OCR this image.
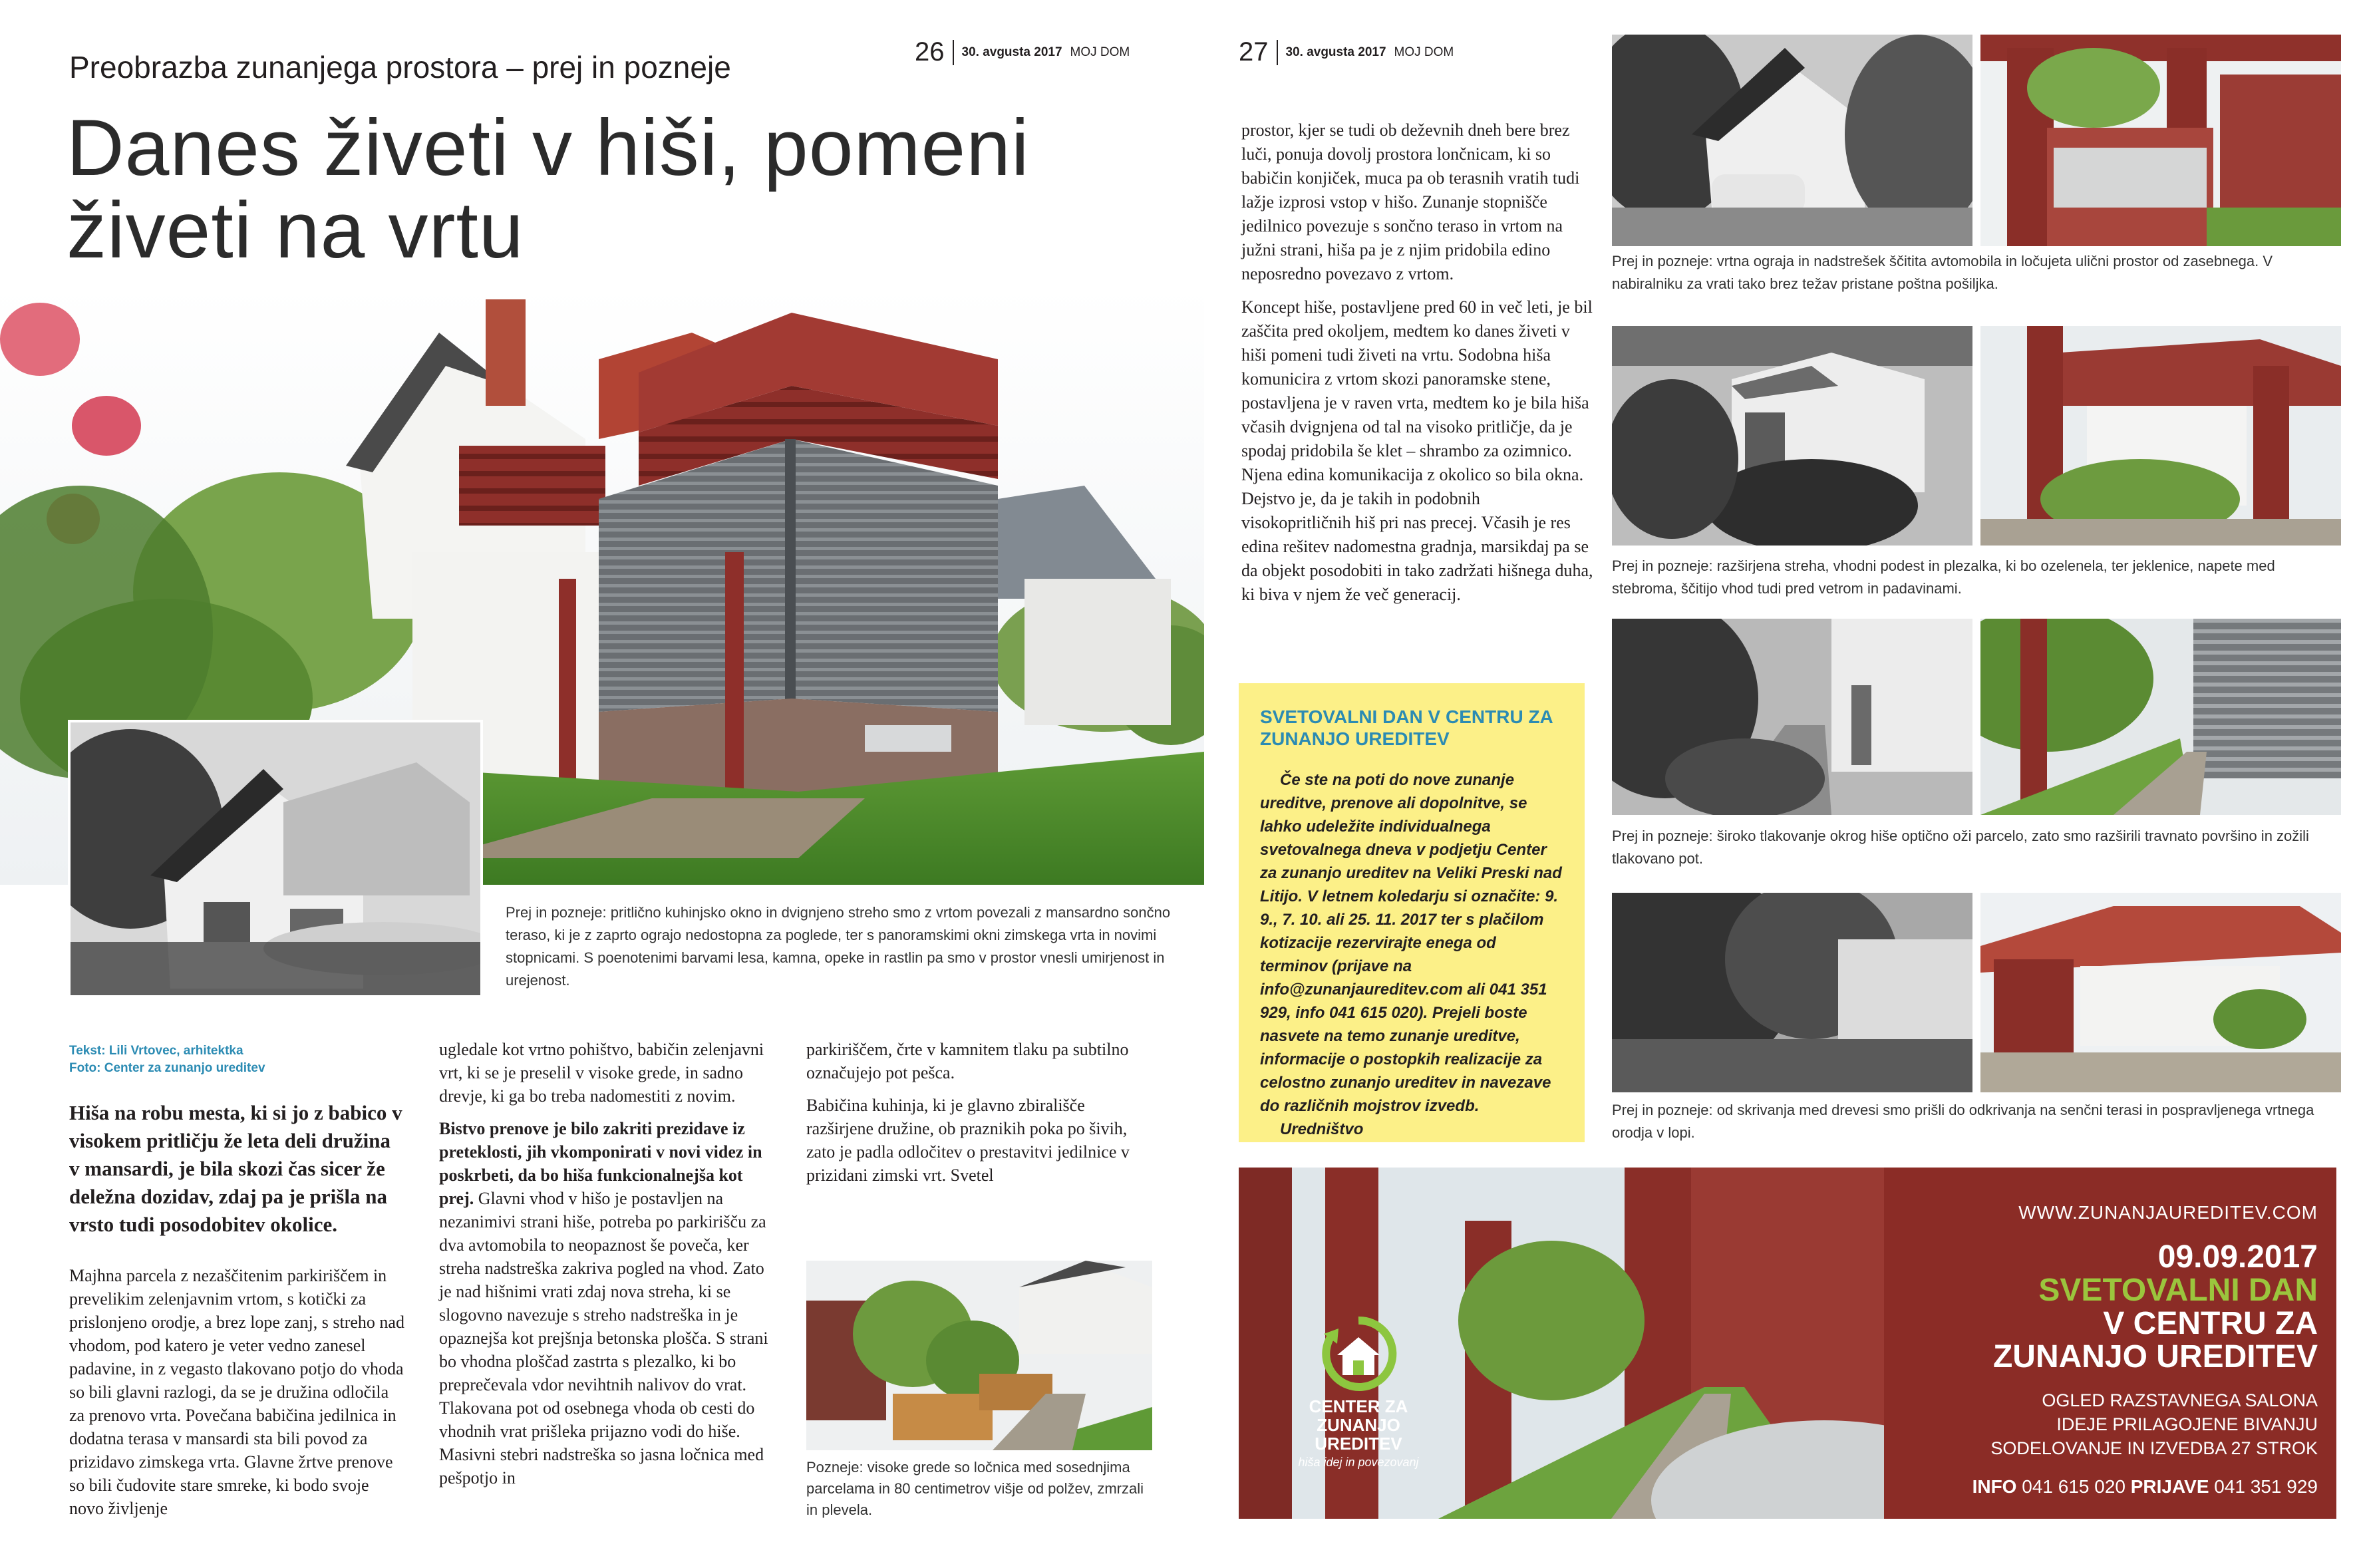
Preobrazba zunanjega prostora – prej in pozneje	26 30. avgusta 2017 MOJ DOM
Danes živeti v hiši, pomeni
živeti na vrtu
27 30. avgusta 2017 MOJ DOM
Prej in pozneje: pritlično kuhinjsko okno in dvignjeno streho smo z vrtom povezali z mansardno sončno teraso, ki je z zaprto ograjo nedostopna za poglede, ter s panoramskimi okni zimskega vrta in novimi stopnicami. S poenotenimi barvami lesa, kamna, opeke in rastlin pa smo v prostor vnesli umirjenost in urejenost.
Tekst: Lili Vrtovec, arhitektka
Foto: Center za zunanjo ureditev
Hiša na robu mesta, ki si jo z babico v visokem pritličju že leta deli družina v mansardi, je bila skozi čas sicer že deležna dozidav, zdaj pa je prišla na vrsto tudi posodobitev okolice.

Majhna parcela z nezaščitenim parkiriščem in prevelikim zelenjavnim vrtom, s kotički za prislonjeno orodje, a brez lope zanj, s streho nad vhodom, pod katero je veter vedno zanesel padavine, in z vegasto tlakovano potjo do vhoda so bili glavni razlogi, da se je družina odločila za prenovo vrta. Povečana babičina jedilnica in dodatna terasa v mansardi sta bili povod za prizidavo zimskega vrta. Glavne žrtve prenove so bili čudovite stare smreke, ki bodo svoje novo življenje

ugledale kot vrtno pohištvo, babičin zelenjavni vrt, ki se je preselil v visoke grede, in sadno drevje, ki ga bo treba nadomestiti z novim.

Bistvo prenove je bilo zakriti prezidave iz preteklosti, jih vkomponirati v novi videz in poskrbeti, da bo hiša funkcionalnejša kot prej. Glavni vhod v hišo je postavljen na nezanimivi strani hiše, potreba po parkirišču za dva avtomobila to neopaznost še poveča, ker streha nadstreška zakriva pogled na vhod. Zato je nad hišnimi vrati zdaj nova streha, ki se slogovno navezuje s streho nadstreška in je opaznejša kot prejšnja betonska plošča. S strani bo vhodna ploščad zastrta s plezalko, ki bo preprečevala vdor nevihtnih nalivov do vrat. Tlakovana pot od osebnega vhoda ob cesti do vhodnih vrat prišleka prijazno vodi do hiše. Masivni stebri nadstreška so jasna ločnica med pešpotjo in

parkiriščem, črte v kamnitem tlaku pa subtilno označujejo pot pešca.

Babičina kuhinja, ki je glavno zbirališče razširjene družine, ob praznikih poka po šivih, zato je padla odločitev o prestavitvi jedilnice v prizidani zimski vrt. Svetel

Pozneje: visoke grede so ločnica med sosednjima parcelama in 80 centimetrov višje od polžev, zmrzali in plevela.

prostor, kjer se tudi ob deževnih dneh bere brez luči, ponuja dovolj prostora lončnicam, ki so babičin konjiček, muca pa ob terasnih vratih tudi lažje izprosi vstop v hišo. Zunanje stopnišče jedilnico povezuje s sončno teraso in vrtom na južni strani, hiša pa je z njim pridobila edino neposredno povezavo z vrtom.

Koncept hiše, postavljene pred 60 in več leti, je bil zaščita pred okoljem, medtem ko danes živeti v hiši pomeni tudi živeti na vrtu. Sodobna hiša komunicira z vrtom skozi panoramske stene, postavljena je v raven vrta, medtem ko je bila hiša včasih dvignjena od tal na visoko pritličje, da je spodaj pridobila še klet – shrambo za ozimnico. Njena edina komunikacija z okolico so bila okna. Dejstvo je, da je takih in podobnih visokopritličnih hiš pri nas precej. Včasih je res edina rešitev nadomestna gradnja, marsikdaj pa se da objekt posodobiti in tako zadržati hišnega duha, ki biva v njem že več generacij.

SVETOVALNI DAN V CENTRU ZA ZUNANJO UREDITEV
Če ste na poti do nove zunanje ureditve, prenove ali dopolnitve, se lahko udeležite individualnega svetovalnega dneva v podjetju Center za zunanjo ureditev na Veliki Preski nad Litijo. V letnem koledarju si označite: 9. 9., 7. 10. ali 25. 11. 2017 ter s plačilom kotizacije rezervirajte enega od terminov (prijave na info@zunanjaureditev.com ali 041 351 929, info 041 615 020). Prejeli boste nasvete na temo zunanje ureditve, informacije o postopkih realizacije za celostno zunanjo ureditev in navezave do različnih mojstrov izvedb.
Uredništvo
Prej in pozneje: vrtna ograja in nadstrešek ščitita avtomobila in ločujeta ulični prostor od zasebnega. V nabiralniku za vrati tako brez težav pristane poštna pošiljka.
Prej in pozneje: razširjena streha, vhodni podest in plezalka, ki bo ozelenela, ter jeklenice, napete med stebroma, ščitijo vhod tudi pred vetrom in padavinami.
Prej in pozneje: široko tlakovanje okrog hiše optično oži parcelo, zato smo razširili travnato površino in zožili tlakovano pot.
Prej in pozneje: od skrivanja med drevesi smo prišli do odkrivanja na senčni terasi in pospravljenega vrtnega orodja v lopi.
CENTER ZA
ZUNANJO UREDITEV
hiša idej in povezovanj
WWW.ZUNANJAUREDITEV.COM
09.09.2017
SVETOVALNI DAN
V CENTRU ZA
ZUNANJO UREDITEV
OGLED RAZSTAVNEGA SALONA
IDEJE PRILAGOJENE BIVANJU
SODELOVANJE IN IZVEDBA 27 STROK
INFO 041 615 020 PRIJAVE 041 351 929
